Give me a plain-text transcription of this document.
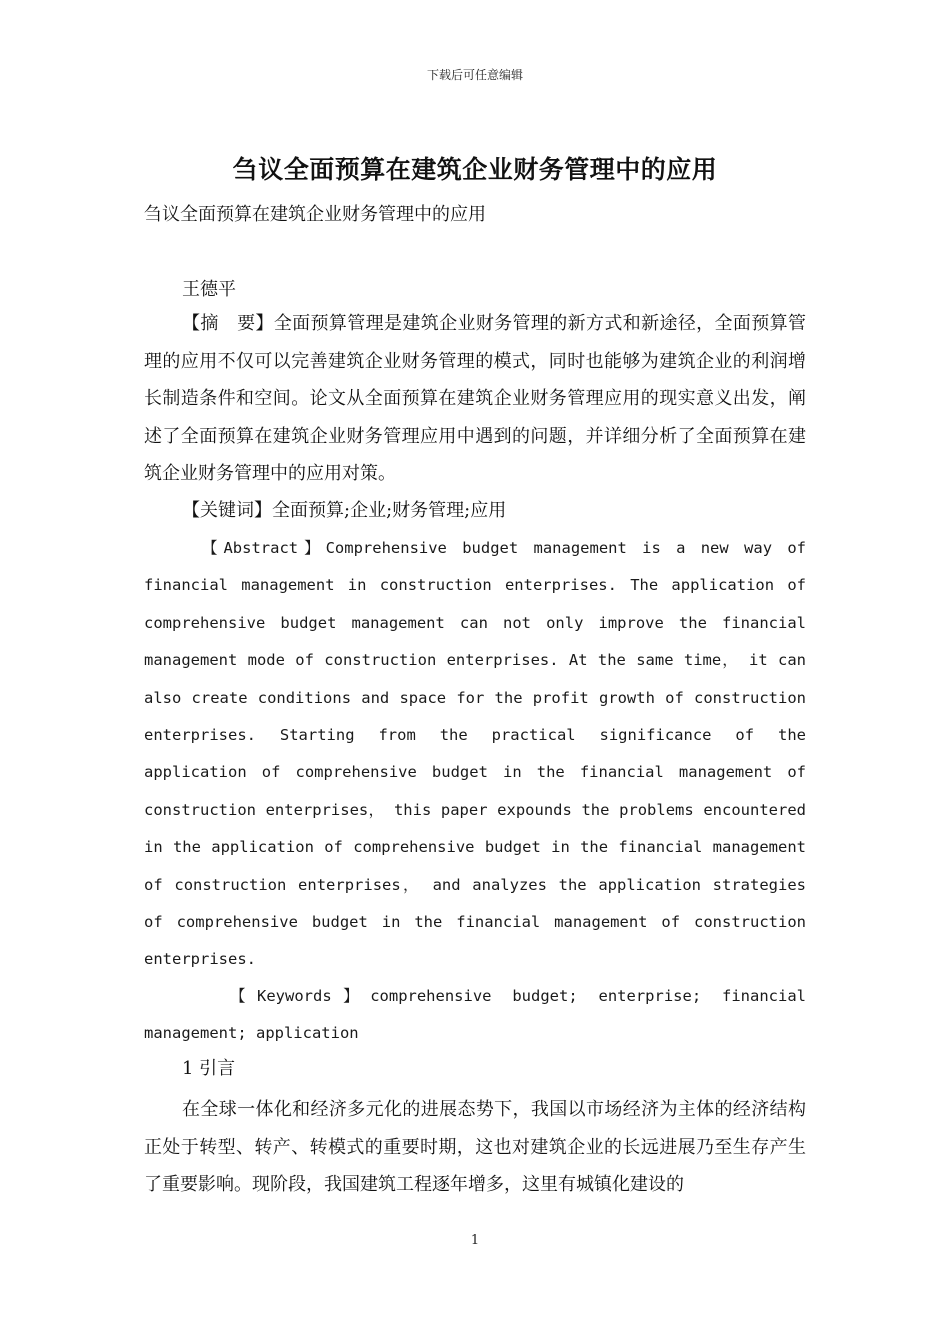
下载后可任意编辑
刍议全面预算在建筑企业财务管理中的应用

刍议全面预算在建筑企业财务管理中的应用

王德平

【摘　要】全面预算管理是建筑企业财务管理的新方式和新途径，全面预算管理的应用不仅可以完善建筑企业财务管理的模式，同时也能够为建筑企业的利润增长制造条件和空间。论文从全面预算在建筑企业财务管理应用的现实意义出发，阐述了全面预算在建筑企业财务管理应用中遇到的问题，并详细分析了全面预算在建筑企业财务管理中的应用对策。

【关键词】全面预算;企业;财务管理;应用

【Abstract】Comprehensive budget management is a new way of financial management in construction enterprises. The application of comprehensive budget management can not only improve the financial management mode of construction enterprises. At the same time， it can also create conditions and space for the profit growth of construction enterprises. Starting from the practical significance of the application of comprehensive budget in the financial management of construction enterprises， this paper expounds the problems encountered in the application of comprehensive budget in the financial management of construction enterprises， and analyzes the application strategies of comprehensive budget in the financial management of construction enterprises.

【Keywords】comprehensive budget; enterprise; financial management; application

1 引言

在全球一体化和经济多元化的进展态势下，我国以市场经济为主体的经济结构正处于转型、转产、转模式的重要时期，这也对建筑企业的长远进展乃至生存产生了重要影响。现阶段，我国建筑工程逐年增多，这里有城镇化建设的

1
